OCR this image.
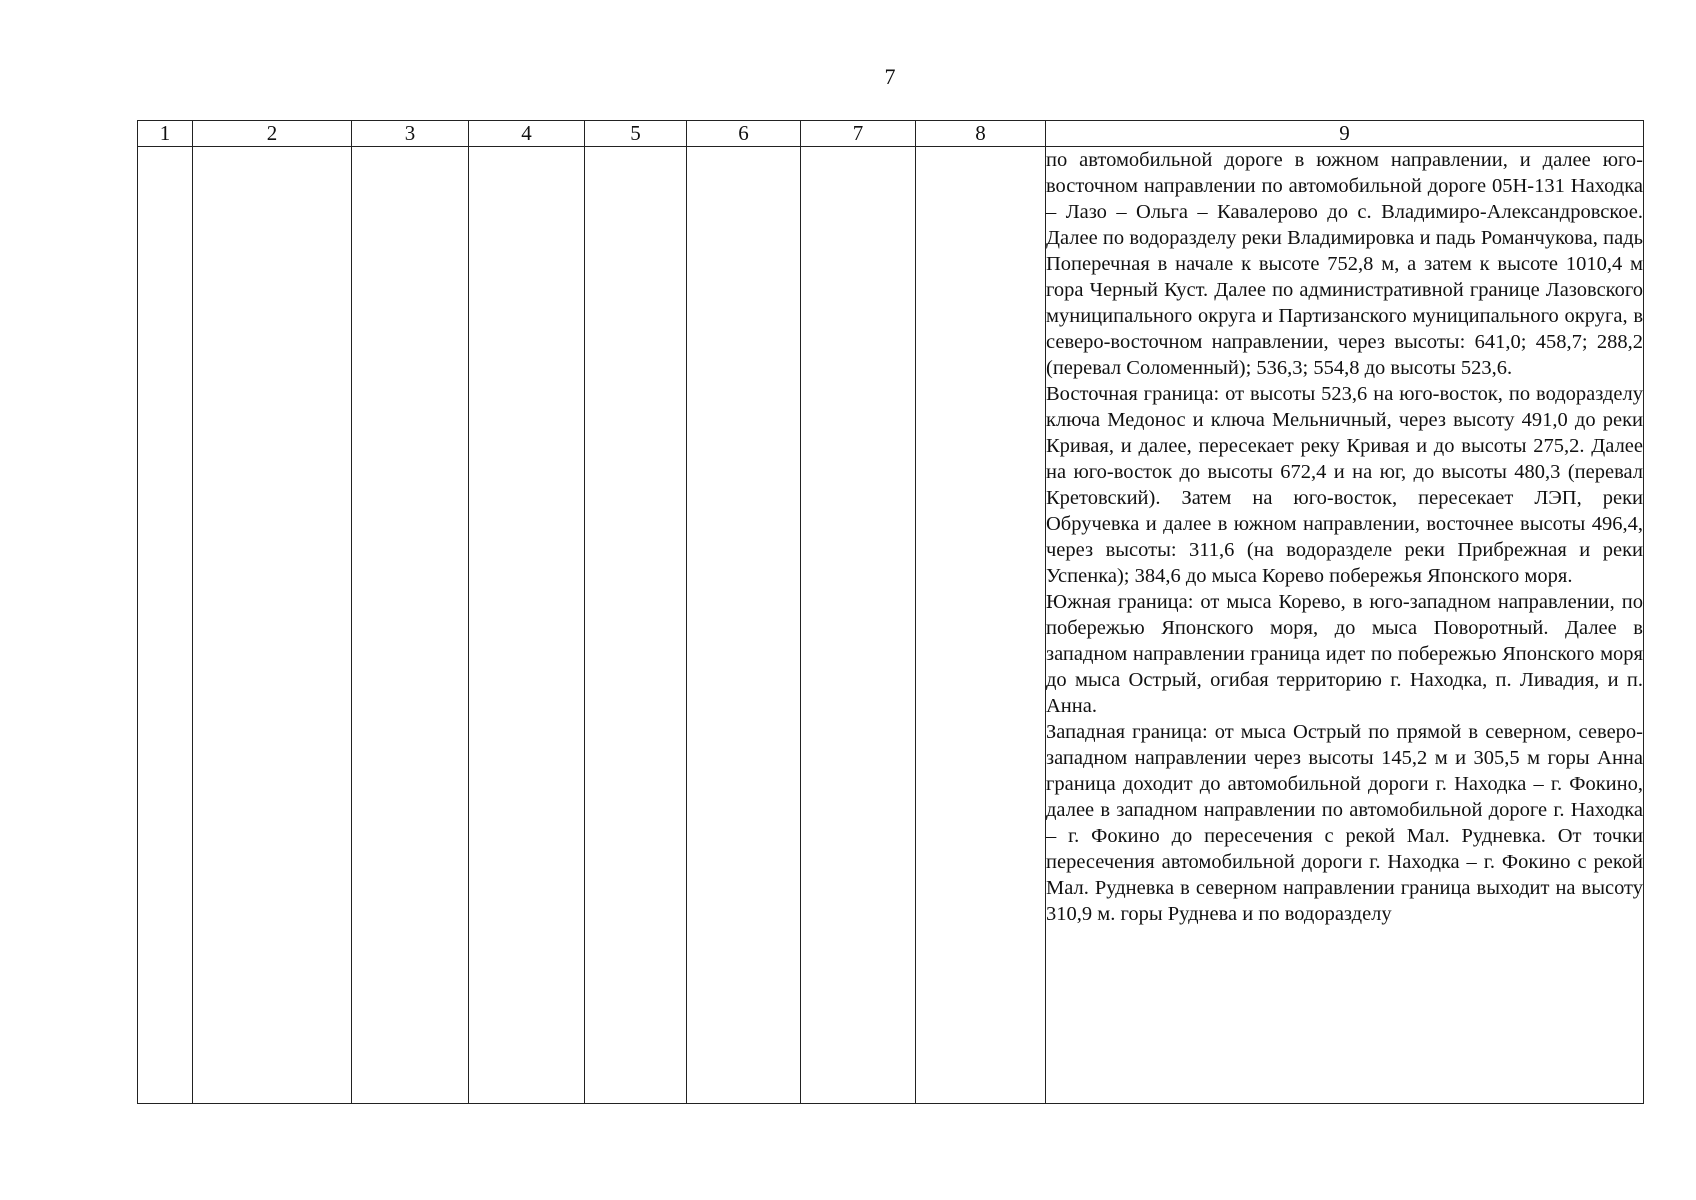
7
1	2	3	4	5	6	7	8	9

								по автомобильной дороге в южном направлении, и далее юго-восточном направлении по автомобильной дороге 05Н-131 Находка – Лазо – Ольга – Кавалерово до с. Владимиро-Александровское. Далее по водоразделу реки Владимировка и падь Романчукова, падь Поперечная в начале к высоте 752,8 м, а затем к высоте 1010,4 м гора Черный Куст. Далее по административной границе Лазовского муниципального округа и Партизанского муниципального округа, в северо-восточном направлении, через высоты: 641,0; 458,7; 288,2 (перевал Соломенный); 536,3; 554,8 до высоты 523,6.

Восточная граница: от высоты 523,6 на юго-восток, по водоразделу ключа Медонос и ключа Мельничный, через высоту 491,0 до реки Кривая, и далее, пересекает реку Кривая и до высоты 275,2. Далее на юго-восток до высоты 672,4 и на юг, до высоты 480,3 (перевал Кретовский). Затем на юго-восток, пересекает ЛЭП, реки Обручевка и далее в южном направлении, восточнее высоты 496,4, через высоты: 311,6 (на водоразделе реки Прибрежная и реки Успенка); 384,6 до мыса Корево побережья Японского моря.

Южная граница: от мыса Корево, в юго-западном направлении, по побережью Японского моря, до мыса Поворотный. Далее в западном направлении граница идет по побережью Японского моря до мыса Острый, огибая территорию г. Находка, п. Ливадия, и п. Анна.

Западная граница: от мыса Острый по прямой в северном, северо-западном направлении через высоты 145,2 м и 305,5 м горы Анна граница доходит до автомобильной дороги г. Находка – г. Фокино, далее в западном направлении по автомобильной дороге г. Находка – г. Фокино до пересечения с рекой Мал. Рудневка. От точки пересечения автомобильной дороги г. Находка – г. Фокино с рекой Мал. Рудневка в северном направлении граница выходит на высоту 310,9 м. горы Руднева и по водоразделу
